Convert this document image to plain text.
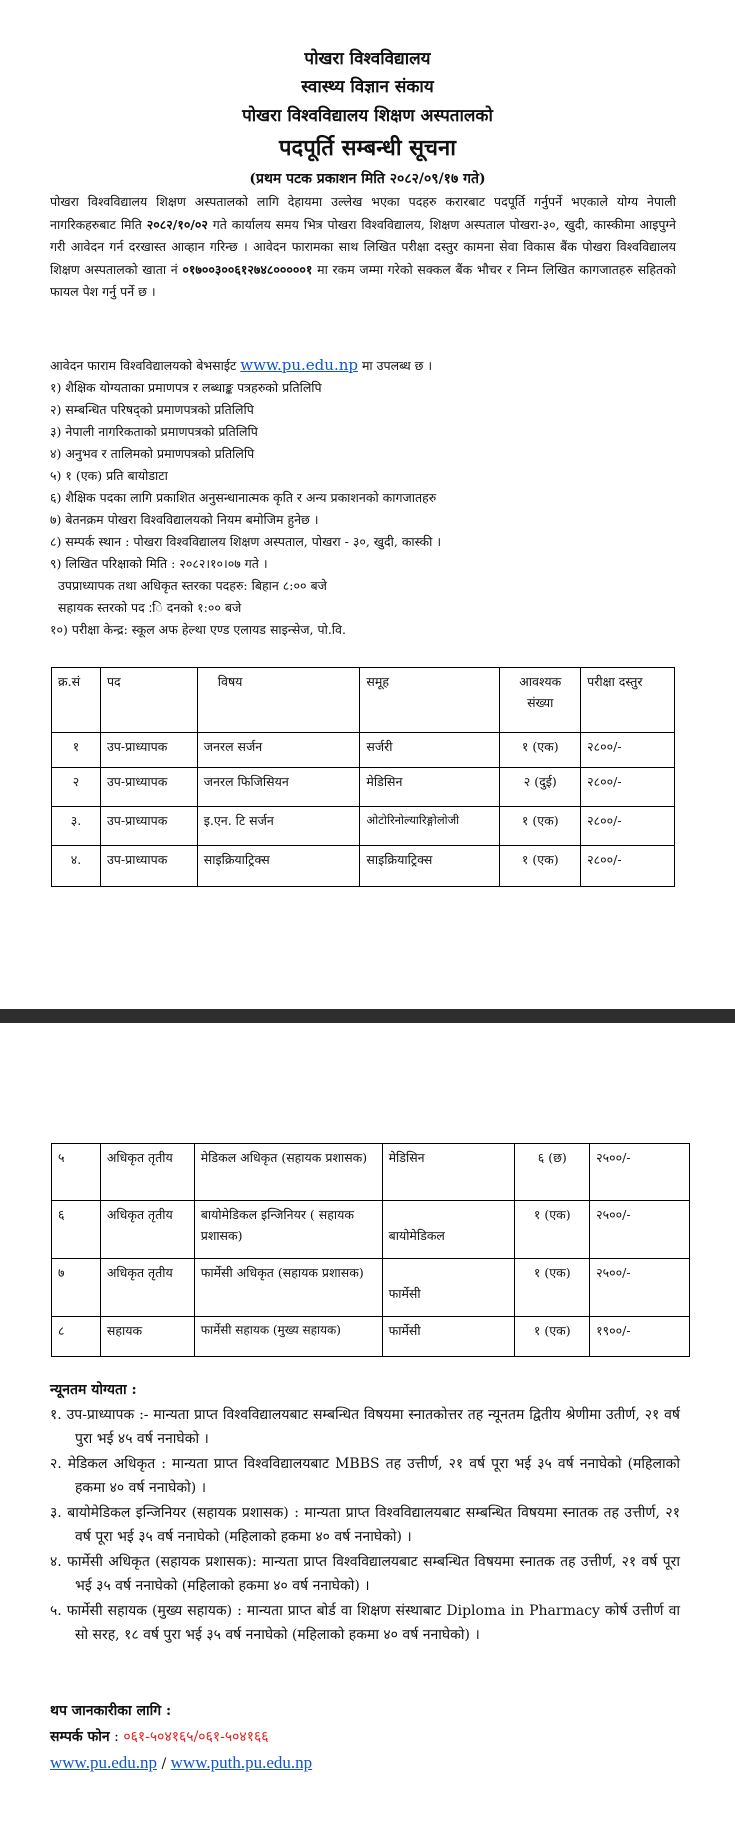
पोखरा विश्वविद्यालय
स्वास्थ्य विज्ञान संकाय
पोखरा विश्वविद्यालय शिक्षण अस्पतालको
पदपूर्ति सम्बन्धी सूचना
(प्रथम पटक प्रकाशन मिति २०८२/०९/१७ गते)
पोखरा विश्वविद्यालय शिक्षण अस्पतालको लागि देहायमा उल्लेख भएका पदहरु करारबाट पदपूर्ति गर्नुपर्ने भएकाले योग्य नेपाली नागरिकहरुबाट मिति २०८२/१०/०२ गते कार्यालय समय भित्र पोखरा विश्वविद्यालय, शिक्षण अस्पताल पोखरा-३०, खुदी, कास्कीमा आइपुग्ने गरी आवेदन गर्न दरखास्त आव्हान गरिन्छ । आवेदन फारामका साथ लिखित परीक्षा दस्तुर कामना सेवा विकास बैंक पोखरा विश्वविद्यालय शिक्षण अस्पतालको खाता नं ०१७००३००६१२७४८०००००१ मा रकम जम्मा गरेको सक्कल बैंक भौचर र निम्न लिखित कागजातहरु सहितको फायल पेश गर्नु पर्ने छ ।
आवेदन फाराम विश्वविद्यालयको बेभसाईट www.pu.edu.np मा उपलब्ध छ ।
१) शैक्षिक योग्यताका प्रमाणपत्र र लब्धाङ्क पत्रहरुको प्रतिलिपि
२) सम्बन्धित परिषद्को प्रमाणपत्रको प्रतिलिपि
३) नेपाली नागरिकताको प्रमाणपत्रको प्रतिलिपि
४) अनुभव र तालिमको प्रमाणपत्रको प्रतिलिपि
५) १ (एक) प्रति बायोडाटा
६) शैक्षिक पदका लागि प्रकाशित अनुसन्धानात्मक कृति र अन्य प्रकाशनको कागजातहरु
७) बेतनक्रम पोखरा विश्वविद्यालयको नियम बमोजिम हुनेछ ।
८) सम्पर्क स्थान : पोखरा विश्वविद्यालय शिक्षण अस्पताल, पोखरा - ३०, खुदी, कास्की ।
९) लिखित परिक्षाको मिति : २०८२।१०।०७ गते ।
उपप्राध्यापक तथा अधिकृत स्तरका पदहरु: बिहान ८:०० बजे
सहायक स्तरको पद :ि दनको १:०० बजे
१०) परीक्षा केन्द्र: स्कूल अफ हेल्था एण्ड एलायड साइन्सेज, पो.वि.
क्र.सं	पद	विषय	समूह	आवश्यक संख्या	परीक्षा दस्तुर
१	उप-प्राध्यापक	जनरल सर्जन	सर्जरी	१ (एक)	२८००/-
२	उप-प्राध्यापक	जनरल फिजिसियन	मेडिसिन	२ (दुई)	२८००/-
३.	उप-प्राध्यापक	इ.एन. टि सर्जन	ओटोरिनोल्यारिङ्गोलोजी	१ (एक)	२८००/-
४.	उप-प्राध्यापक	साइक्रियाट्रिक्स	साइक्रियाट्रिक्स	१ (एक)	२८००/-
५	अधिकृत तृतीय	मेडिकल अधिकृत (सहायक प्रशासक)	मेडिसिन	६ (छ)	२५००/-
६	अधिकृत तृतीय	बायोमेडिकल इन्जिनियर ( सहायक प्रशासक)	बायोमेडिकल	१ (एक)	२५००/-
७	अधिकृत तृतीय	फार्मेसी अधिकृत (सहायक प्रशासक)	फार्मेसी	१ (एक)	२५००/-
८	सहायक	फार्मेसी सहायक (मुख्य सहायक)	फार्मेसी	१ (एक)	१९००/-
न्यूनतम योग्यता :
१. उप-प्राध्यापक :- मान्यता प्राप्त विश्वविद्यालयबाट सम्बन्धित विषयमा स्नातकोत्तर तह न्यूनतम द्वितीय श्रेणीमा उतीर्ण, २१ वर्ष पुरा भई ४५ वर्ष ननाघेको ।
२. मेडिकल अधिकृत : मान्यता प्राप्त विश्वविद्यालयबाट MBBS तह उत्तीर्ण, २१ वर्ष पूरा भई ३५ वर्ष ननाघेको (महिलाको हकमा ४० वर्ष ननाघेको) ।
३. बायोमेडिकल इन्जिनियर (सहायक प्रशासक) : मान्यता प्राप्त विश्वविद्यालयबाट सम्बन्धित विषयमा स्नातक तह उत्तीर्ण, २१ वर्ष पूरा भई ३५ वर्ष ननाघेको (महिलाको हकमा ४० वर्ष ननाघेको) ।
४. फार्मेसी अधिकृत (सहायक प्रशासक): मान्यता प्राप्त विश्वविद्यालयबाट सम्बन्धित विषयमा स्नातक तह उत्तीर्ण, २१ वर्ष पूरा भई ३५ वर्ष ननाघेको (महिलाको हकमा ४० वर्ष ननाघेको) ।
५. फार्मेसी सहायक (मुख्य सहायक) : मान्यता प्राप्त बोर्ड वा शिक्षण संस्थाबाट Diploma in Pharmacy कोर्ष उत्तीर्ण वा सो सरह, १८ वर्ष पुरा भई ३५ वर्ष ननाघेको (महिलाको हकमा ४० वर्ष ननाघेको) ।
थप जानकारीका लागि :
सम्पर्क फोन : ०६१-५०४१६५/०६१-५०४१६६
www.pu.edu.np / www.puth.pu.edu.np
